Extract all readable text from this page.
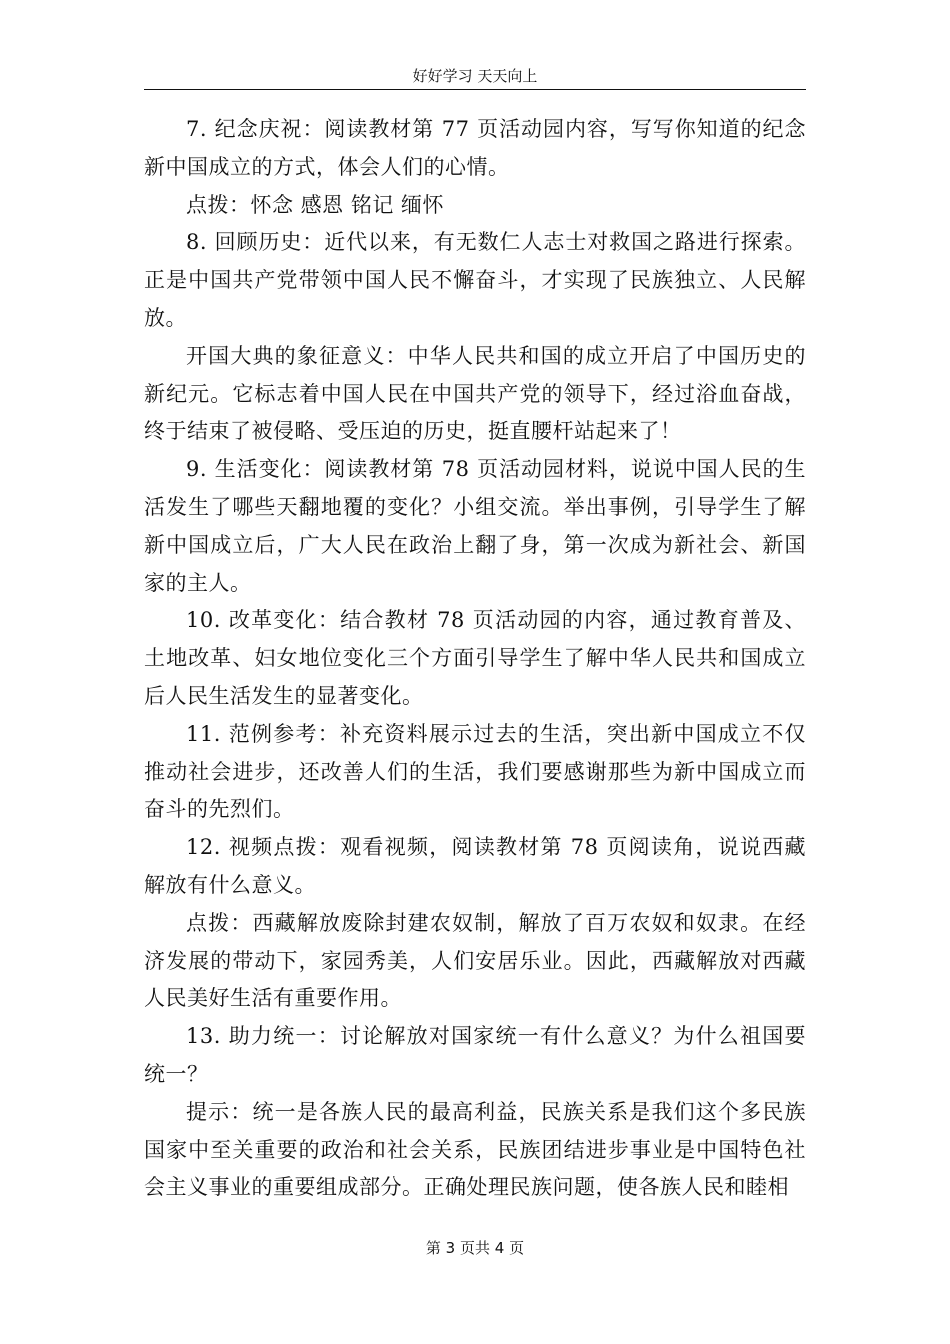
好好学习 天天向上

7. 纪念庆祝：阅读教材第 77 页活动园内容，写写你知道的纪念新中国成立的方式，体会人们的心情。

点拨：怀念 感恩 铭记 缅怀

8. 回顾历史：近代以来，有无数仁人志士对救国之路进行探索。正是中国共产党带领中国人民不懈奋斗，才实现了民族独立、人民解放。

开国大典的象征意义：中华人民共和国的成立开启了中国历史的新纪元。它标志着中国人民在中国共产党的领导下，经过浴血奋战，终于结束了被侵略、受压迫的历史，挺直腰杆站起来了！

9. 生活变化：阅读教材第 78 页活动园材料，说说中国人民的生活发生了哪些天翻地覆的变化？小组交流。举出事例，引导学生了解新中国成立后，广大人民在政治上翻了身，第一次成为新社会、新国家的主人。

10. 改革变化：结合教材 78 页活动园的内容，通过教育普及、土地改革、妇女地位变化三个方面引导学生了解中华人民共和国成立后人民生活发生的显著变化。

11. 范例参考：补充资料展示过去的生活，突出新中国成立不仅推动社会进步，还改善人们的生活，我们要感谢那些为新中国成立而奋斗的先烈们。

12. 视频点拨：观看视频，阅读教材第 78 页阅读角，说说西藏解放有什么意义。

点拨：西藏解放废除封建农奴制，解放了百万农奴和奴隶。在经济发展的带动下，家园秀美，人们安居乐业。因此，西藏解放对西藏人民美好生活有重要作用。

13. 助力统一：讨论解放对国家统一有什么意义？为什么祖国要统一？

提示：统一是各族人民的最高利益，民族关系是我们这个多民族国家中至关重要的政治和社会关系，民族团结进步事业是中国特色社会主义事业的重要组成部分。正确处理民族问题，使各族人民和睦相

第 3 页共 4 页
